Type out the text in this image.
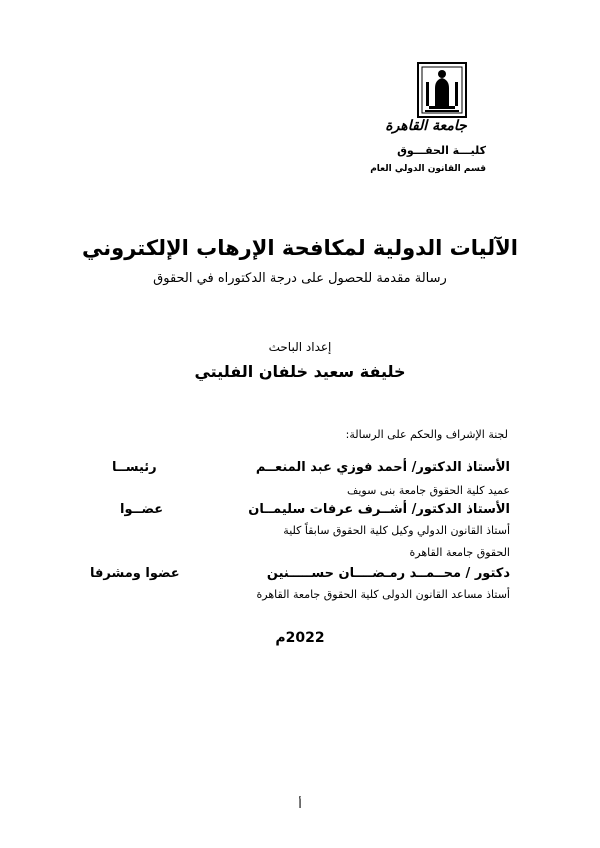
جامعة القاهرة
كليـــة الحقـــوق
قسم القانون الدولي العام
الآليات الدولية لمكافحة الإرهاب الإلكتروني
رسالة مقدمة للحصول على درجة الدكتوراه في الحقوق
إعداد الباحث
خليفة سعيد خلفان الفليتي
لجنة الإشراف والحكم على الرسالة:
الأستاذ الدكتور/ أحمد فوزي عبد المنعــم
رئيســا
عميد كلية الحقوق جامعة بنى سويف
الأستاذ الدكتور/ أشــرف عرفات سليمــان
عضــوا
أستاذ القانون الدولي وكيل كلية الحقوق سابقاً كلية
الحقوق جامعة القاهرة
دكتور / محــمــد رمـضــــان حســـــنين
عضوا ومشرفا
أستاذ مساعد القانون الدولى كلية الحقوق جامعة القاهرة
2022م
أ
